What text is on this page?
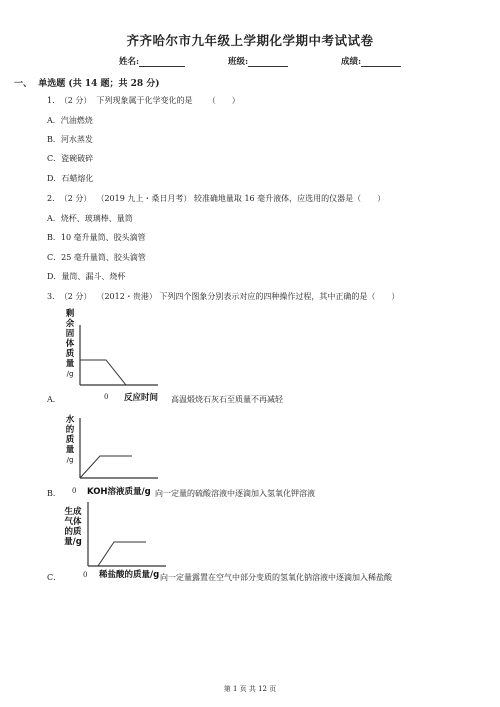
齐齐哈尔市九年级上学期化学期中考试试卷
姓名:	班级:	成绩:
一、 单选题 (共 14 题；共 28 分)
1. （2 分） 下列现象属于化学变化的是 （　　）
A．汽油燃烧
B．河水蒸发
C．瓷碗破碎
D．石蜡熔化
2. （2 分） （2019 九上・桑日月考） 较准确地量取 16 毫升液体，应选用的仪器是（　　）
A．烧杯、玻璃棒、量筒
B．10 毫升量筒、胶头滴管
C．25 毫升量筒、胶头滴管
D．量筒、漏斗、烧杯
3. （2 分） （2012・贵港） 下列四个图象分别表示对应的四种操作过程，其中正确的是（　　）
剩
余
固
体
质
量
/g
A．	0 反应时间 高温煅烧石灰石至质量不再减轻
水
的
质
量
/g
B． 0 KOH溶液质量/g 向一定量的硫酸溶液中逐滴加入氢氧化钾溶液
生成
气体
的质
量/g
C．	0 稀盐酸的质量/g 向一定量露置在空气中部分变质的氢氧化钠溶液中逐滴加入稀盐酸
第 1 页 共 12 页
